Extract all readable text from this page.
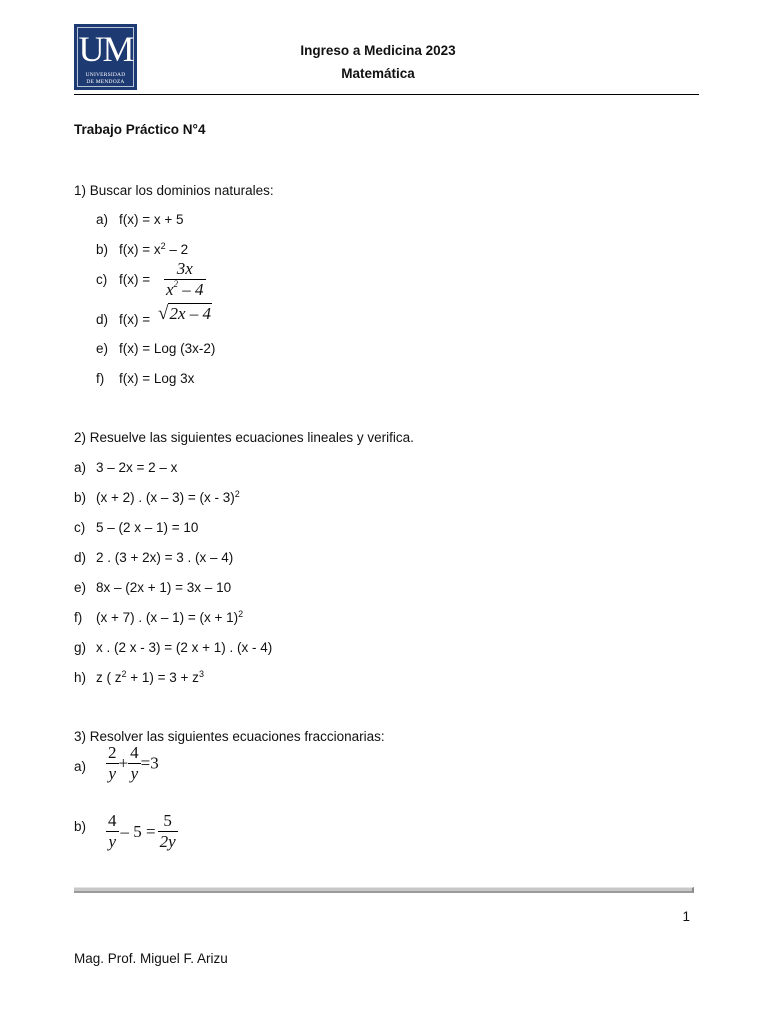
UM
UNIVERSIDAD
DE MENDOZA
Ingreso a Medicina 2023
Matemática
Trabajo Práctico N°4
1) Buscar los dominios naturales:
a) f(x) = x + 5
b) $f(x) = x^2 - 2$
c) $f(x) = \frac{3x}{x^2 - 4}$
d) f(x) = √2x – 4
e) f(x) = Log (3x-2)
f) f(x) = Log 3x
2) Resuelve las siguientes ecuaciones lineales y verifica.
a) 3 – 2x = 2 – x
b) (x + 2) . (x – 3) = (x - 3)$^2$
c) 5 – (2 x – 1) = 10
d) 2 . (3 + 2x) = 3 . (x – 4)
e) 8x – (2x + 1) = 3x – 10
f) (x + 7) . $(x - 1) = (x + 1)^2$
g) x . (2 x - 3) = (2 x + 1) . (x - 4)
h) z ( $z^2 + 1) = 3 + z^3$
3) Resolver las siguientes ecuaciones fraccionarias:
$a) \frac{2}{y} + \frac{4}{y} =3$
$b) \frac{4}{y} - 5 = \frac{5}{2y}$
1
Mag. Prof. Miguel F. Arizu
